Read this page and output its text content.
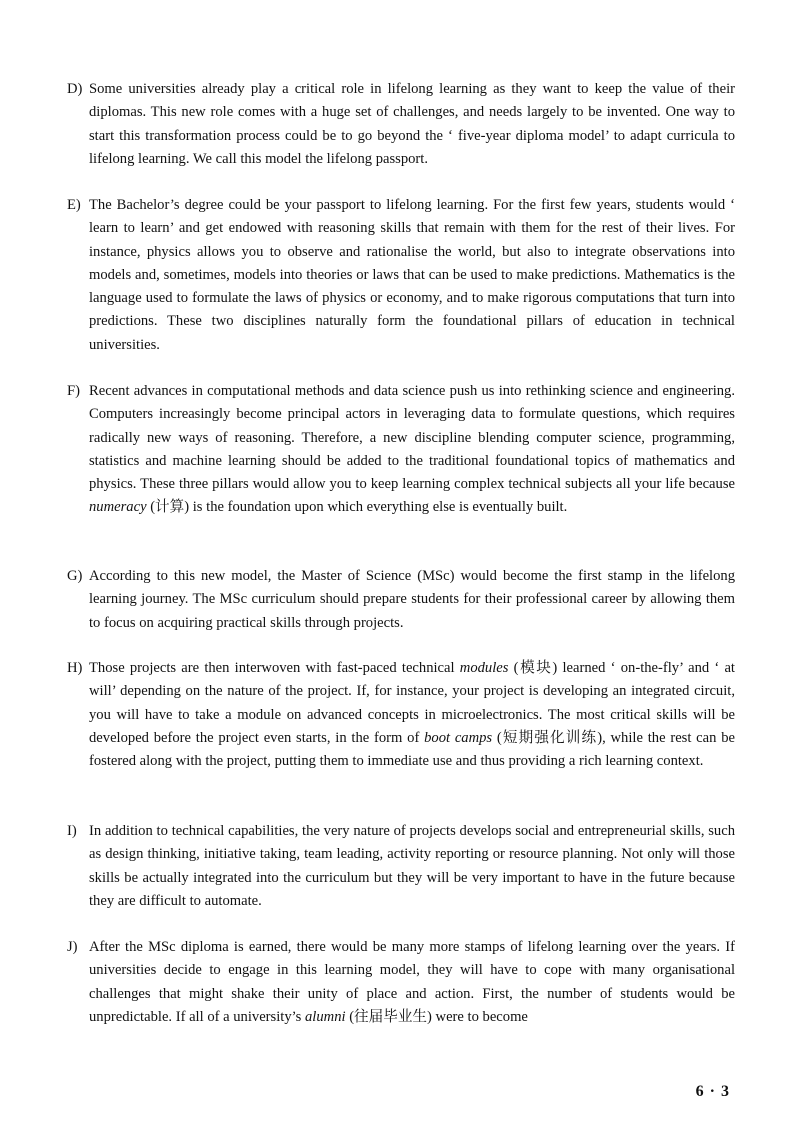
D) Some universities already play a critical role in lifelong learning as they want to keep the value of their diplomas. This new role comes with a huge set of challenges, and needs largely to be invented. One way to start this transformation process could be to go beyond the ‘ five-year diploma model’ to adapt curricula to lifelong learning. We call this model the lifelong passport.
E) The Bachelor’s degree could be your passport to lifelong learning. For the first few years, students would ‘ learn to learn’ and get endowed with reasoning skills that remain with them for the rest of their lives. For instance, physics allows you to observe and rationalise the world, but also to integrate observations into models and, sometimes, models into theories or laws that can be used to make predictions. Mathematics is the language used to formulate the laws of physics or economy, and to make rigorous computations that turn into predictions. These two disciplines naturally form the foundational pillars of education in technical universities.
F) Recent advances in computational methods and data science push us into rethinking science and engineering. Computers increasingly become principal actors in leveraging data to formulate questions, which requires radically new ways of reasoning. Therefore, a new discipline blending computer science, programming, statistics and machine learning should be added to the traditional foundational topics of mathematics and physics. These three pillars would allow you to keep learning complex technical subjects all your life because numeracy (计算) is the foundation upon which everything else is eventually built.
G) According to this new model, the Master of Science (MSc) would become the first stamp in the lifelong learning journey. The MSc curriculum should prepare students for their professional career by allowing them to focus on acquiring practical skills through projects.
H) Those projects are then interwoven with fast-paced technical modules (模块) learned ‘ on-the-fly’ and ‘ at will’ depending on the nature of the project. If, for instance, your project is developing an integrated circuit, you will have to take a module on advanced concepts in microelectronics. The most critical skills will be developed before the project even starts, in the form of boot camps (短期强化训练), while the rest can be fostered along with the project, putting them to immediate use and thus providing a rich learning context.
I) In addition to technical capabilities, the very nature of projects develops social and entrepreneurial skills, such as design thinking, initiative taking, team leading, activity reporting or resource planning. Not only will those skills be actually integrated into the curriculum but they will be very important to have in the future because they are difficult to automate.
J) After the MSc diploma is earned, there would be many more stamps of lifelong learning over the years. If universities decide to engage in this learning model, they will have to cope with many organisational challenges that might shake their unity of place and action. First, the number of students would be unpredictable. If all of a university’s alumni (往届毕业生) were to become
6 · 3
